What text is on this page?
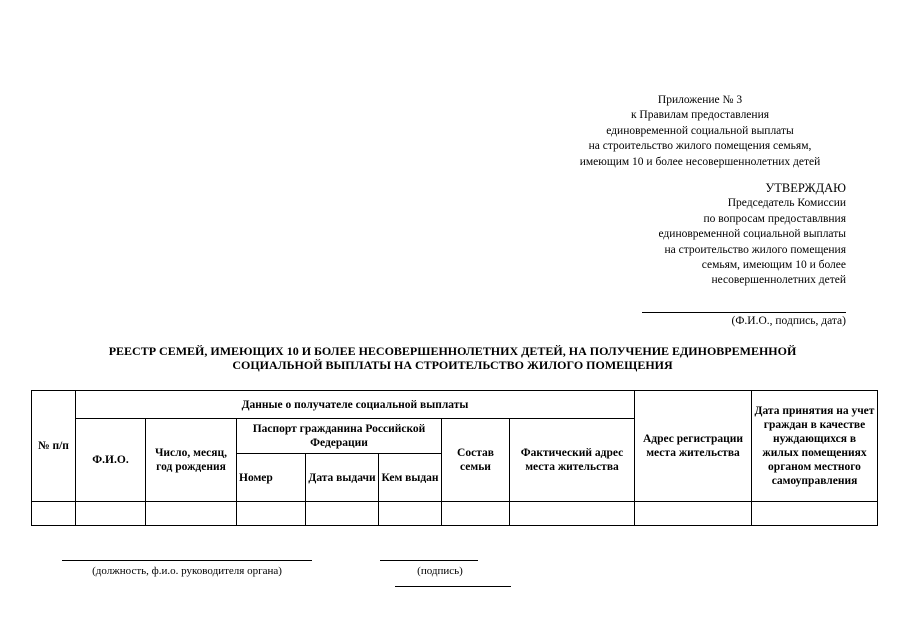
Приложение № 3
к Правилам предоставления
единовременной социальной выплаты
на строительство жилого помещения семьям,
имеющим 10 и более несовершеннолетних детей
УТВЕРЖДАЮ
Председатель Комиссии
по вопросам предоставлвния
единовременной социальной выплаты
на строительство жилого помещения
семьям, имеющим 10 и более
несовершеннолетних детей
(Ф.И.О., подпись, дата)
РЕЕСТР СЕМЕЙ, ИМЕЮЩИХ 10 И БОЛЕЕ НЕСОВЕРШЕННОЛЕТНИХ ДЕТЕЙ, НА ПОЛУЧЕНИЕ ЕДИНОВРЕМЕННОЙ
СОЦИАЛЬНОЙ ВЫПЛАТЫ НА СТРОИТЕЛЬСТВО ЖИЛОГО ПОМЕЩЕНИЯ
№ п/п	Данные о получателе социальной выплаты							Адрес регистрации места жительства	Дата принятия на учет граждан в качестве нуждающихся в жилых помещениях органом местного самоуправления
	Ф.И.О.	Число, месяц, год рождения	Паспорт гражданина Российской Федерации			Состав семьи	Фактический адрес места жительства		
			Номер	Дата выдачи	Кем выдан				

(должность, ф.и.о. руководителя органа)	(подпись)
